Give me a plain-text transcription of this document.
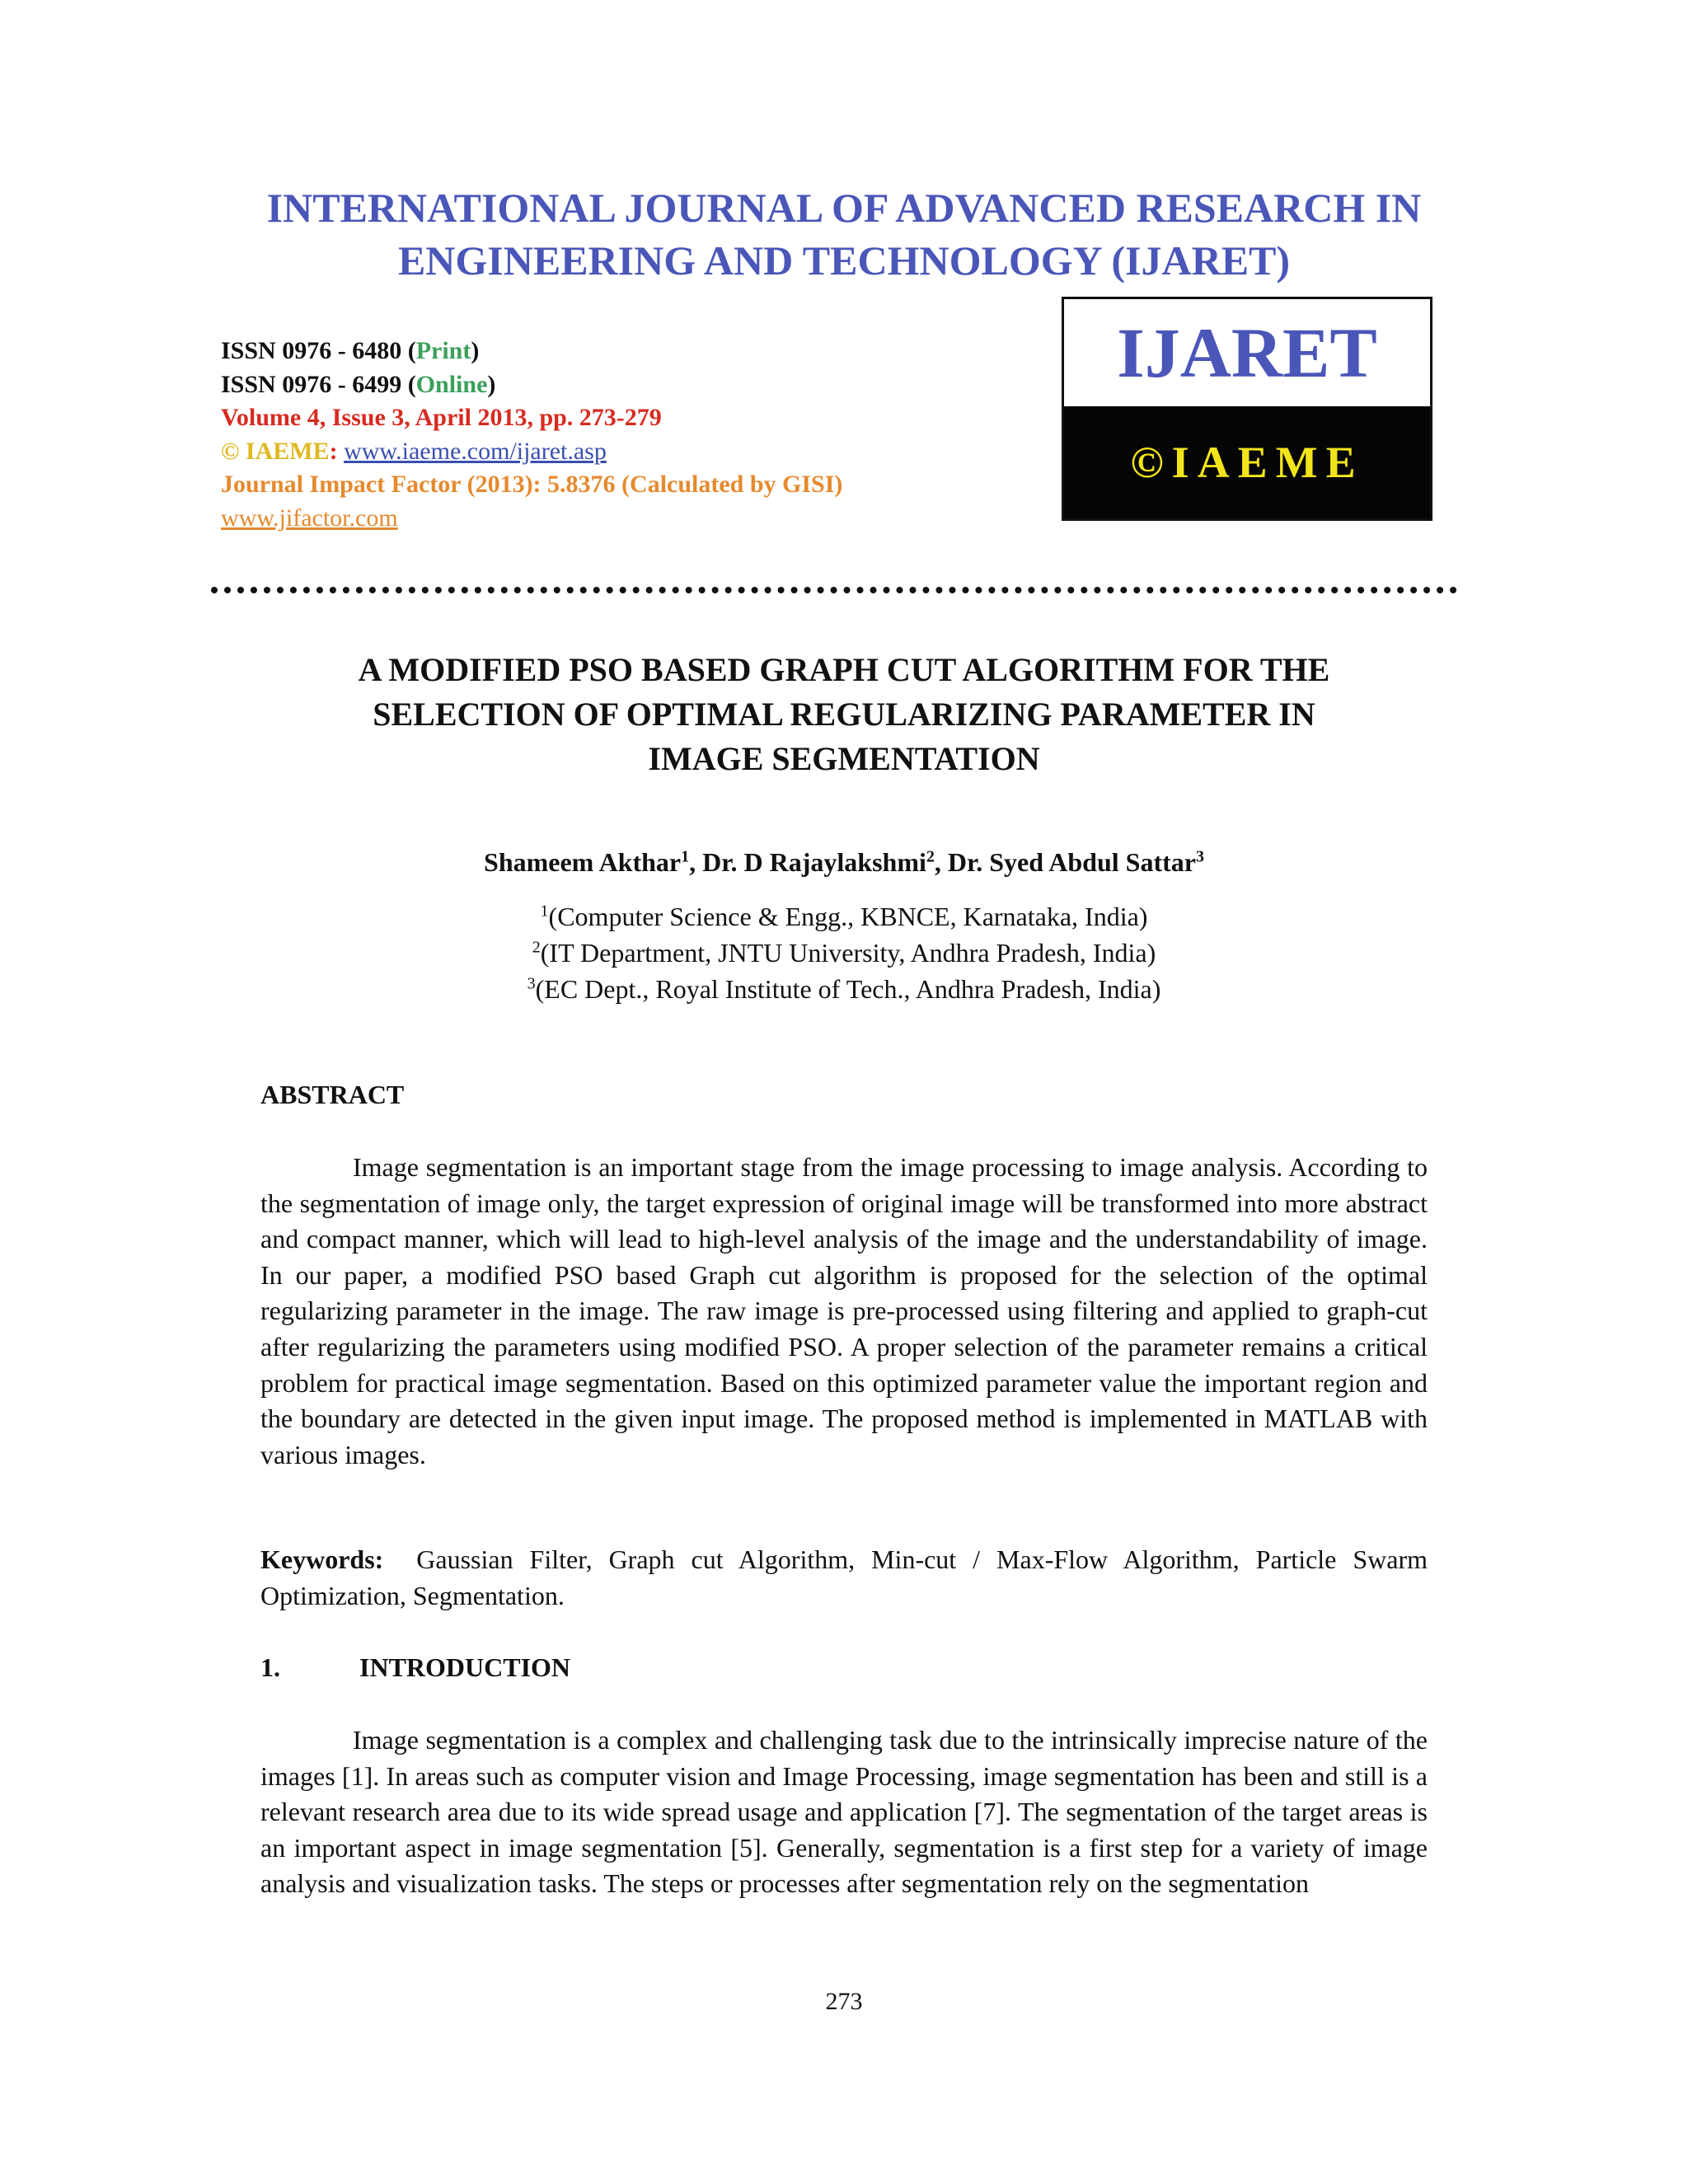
INTERNATIONAL JOURNAL OF ADVANCED RESEARCH IN
ENGINEERING AND TECHNOLOGY (IJARET)
ISSN 0976 - 6480 (Print)
ISSN 0976 - 6499 (Online)
Volume 4, Issue 3, April 2013, pp. 273-279
© IAEME: www.iaeme.com/ijaret.asp
Journal Impact Factor (2013): 5.8376 (Calculated by GISI)
www.jifactor.com
IJARET
©IAEME
A MODIFIED PSO BASED GRAPH CUT ALGORITHM FOR THE
SELECTION OF OPTIMAL REGULARIZING PARAMETER IN
IMAGE SEGMENTATION
Shameem Akthar$^1$, Dr. D Rajaylakshmi$^2$, Dr. Syed Abdul Sattar$^3$
$^1$(Computer Science & Engg., KBNCE, Karnataka, India)
$^2$(IT Department, JNTU University, Andhra Pradesh, India)
$^3$(EC Dept., Royal Institute of Tech., Andhra Pradesh, India)
ABSTRACT
Image segmentation is an important stage from the image processing to image analysis. According to the segmentation of image only, the target expression of original image will be transformed into more abstract and compact manner, which will lead to high-level analysis of the image and the understandability of image. In our paper, a modified PSO based Graph cut algorithm is proposed for the selection of the optimal regularizing parameter in the image. The raw image is pre-processed using filtering and applied to graph-cut after regularizing the parameters using modified PSO. A proper selection of the parameter remains a critical problem for practical image segmentation. Based on this optimized parameter value the important region and the boundary are detected in the given input image. The proposed method is implemented in MATLAB with various images.
Keywords: Gaussian Filter, Graph cut Algorithm, Min-cut / Max-Flow Algorithm, Particle Swarm Optimization, Segmentation.
1.	INTRODUCTION
Image segmentation is a complex and challenging task due to the intrinsically imprecise nature of the images [1]. In areas such as computer vision and Image Processing, image segmentation has been and still is a relevant research area due to its wide spread usage and application [7]. The segmentation of the target areas is an important aspect in image segmentation [5]. Generally, segmentation is a first step for a variety of image analysis and visualization tasks. The steps or processes after segmentation rely on the segmentation
273
